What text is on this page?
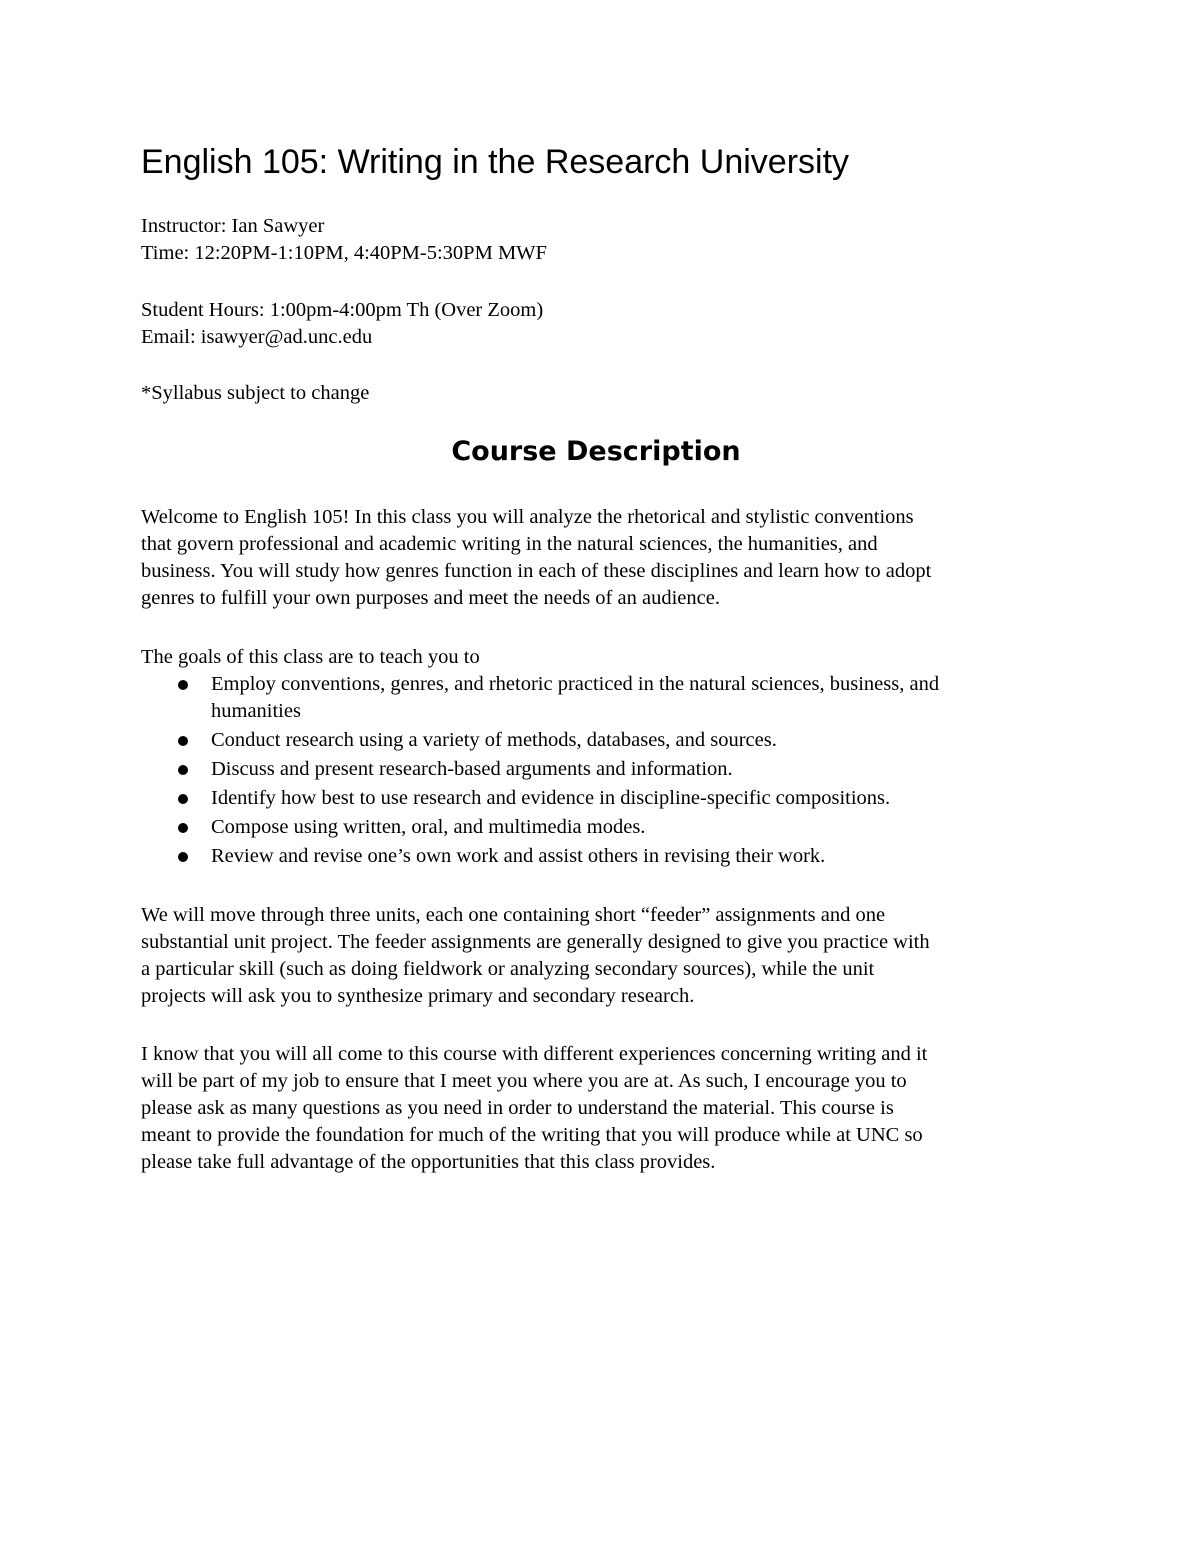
English 105: Writing in the Research University
Instructor: Ian Sawyer
Time: 12:20PM-1:10PM, 4:40PM-5:30PM MWF
Student Hours: 1:00pm-4:00pm Th (Over Zoom)
Email: isawyer@ad.unc.edu
*Syllabus subject to change
Course Description
Welcome to English 105! In this class you will analyze the rhetorical and stylistic conventions
that govern professional and academic writing in the natural sciences, the humanities, and
business. You will study how genres function in each of these disciplines and learn how to adopt
genres to fulfill your own purposes and meet the needs of an audience.
The goals of this class are to teach you to
Employ conventions, genres, and rhetoric practiced in the natural sciences, business, and
humanities
Conduct research using a variety of methods, databases, and sources.
Discuss and present research-based arguments and information.
Identify how best to use research and evidence in discipline-specific compositions.
Compose using written, oral, and multimedia modes.
Review and revise one’s own work and assist others in revising their work.
We will move through three units, each one containing short “feeder” assignments and one
substantial unit project. The feeder assignments are generally designed to give you practice with
a particular skill (such as doing fieldwork or analyzing secondary sources), while the unit
projects will ask you to synthesize primary and secondary research.
I know that you will all come to this course with different experiences concerning writing and it
will be part of my job to ensure that I meet you where you are at. As such, I encourage you to
please ask as many questions as you need in order to understand the material. This course is
meant to provide the foundation for much of the writing that you will produce while at UNC so
please take full advantage of the opportunities that this class provides.
